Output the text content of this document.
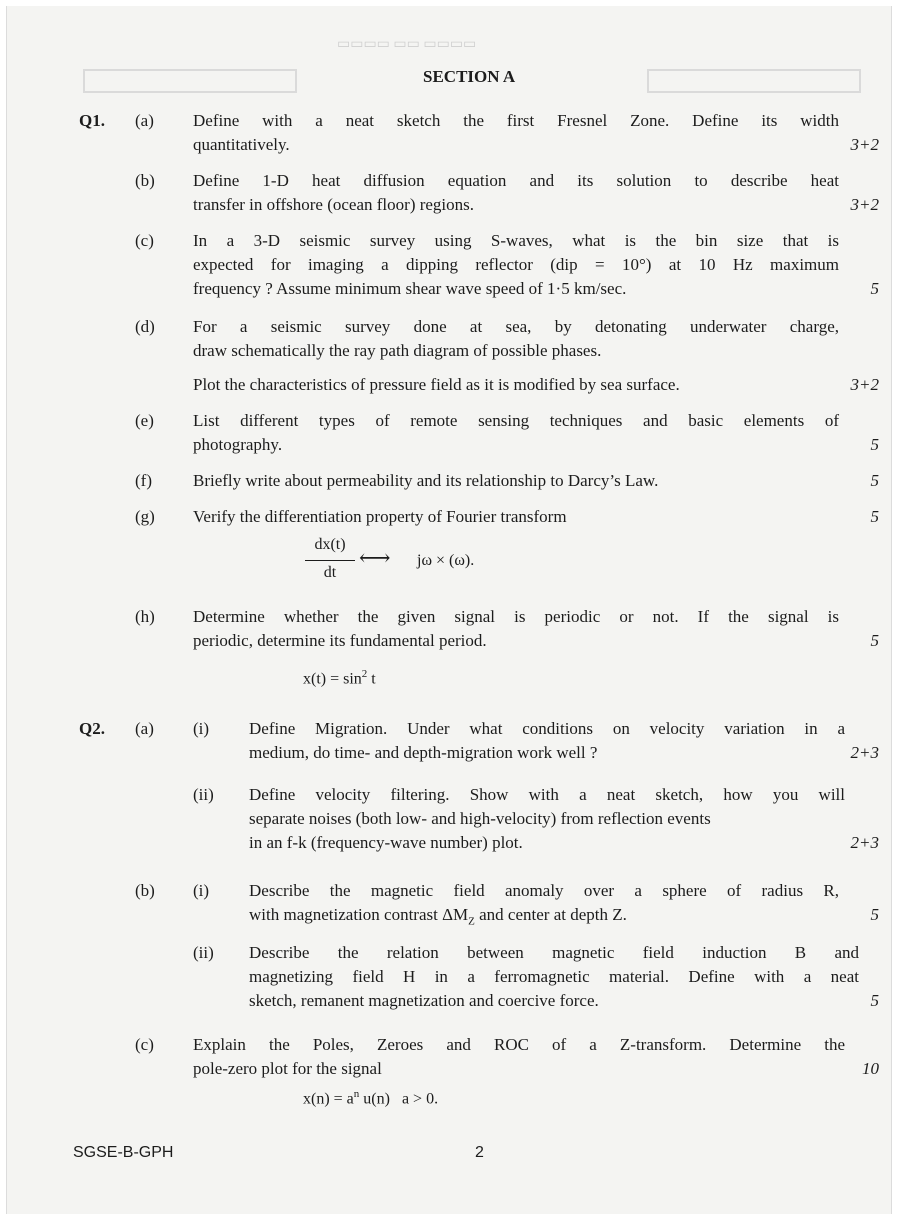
▭▭▭▭ ▭▭ ▭▭▭▭
SECTION A
Q1. (a) Define with a neat sketch the first Fresnel Zone. Define its width
quantitatively.	3+2
(b) Define 1-D heat diffusion equation and its solution to describe heat
transfer in offshore (ocean floor) regions.	3+2
(c) In a 3-D seismic survey using S-waves, what is the bin size that is
expected for imaging a dipping reflector (dip = 10°) at 10 Hz maximum
frequency ? Assume minimum shear wave speed of 1·5 km/sec.	5
(d) For a seismic survey done at sea, by detonating underwater charge,
draw schematically the ray path diagram of possible phases.
Plot the characteristics of pressure field as it is modified by sea surface.	3+2
(e) List different types of remote sensing techniques and basic elements of
photography.	5
(f) Briefly write about permeability and its relationship to Darcy’s Law.	5
(g) Verify the differentiation property of Fourier transform	5
dx(t)
dt
⟷ jω × (ω).
(h) Determine whether the given signal is periodic or not. If the signal is
periodic, determine its fundamental period.	5
$x(t) = \sin^2 t$
Q2. (a) (i) Define Migration. Under what conditions on velocity variation in a
medium, do time- and depth-migration work well ?	2+3
(ii) Define velocity filtering. Show with a neat sketch, how you will
separate noises (both low- and high-velocity) from reflection events
in an f-k (frequency-wave number) plot.	2+3
(b) (i) Describe the magnetic field anomaly over a sphere of radius R,
with magnetization contrast $\Delta M_Z$ and center at depth Z.	5
(ii) Describe the relation between magnetic field induction B and
magnetizing field H in a ferromagnetic material. Define with a neat
sketch, remanent magnetization and coercive force.	5
(c) Explain the Poles, Zeroes and ROC of a Z-transform. Determine the
pole-zero plot for the signal	10
$x(n) = a^n$ u(n)   a > 0.
SGSE-B-GPH	2
